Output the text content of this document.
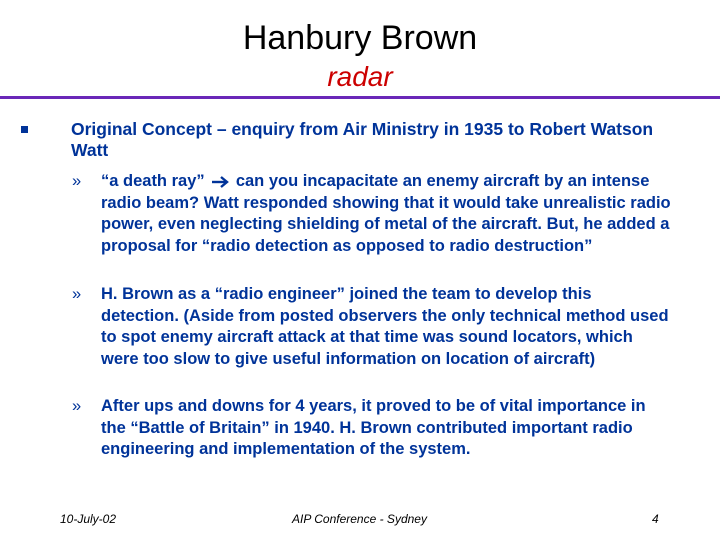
Hanbury Brown
radar
Original Concept – enquiry from Air Ministry in 1935 to Robert Watson Watt
»	“a death ray” can you incapacitate an enemy aircraft by an intense radio beam? Watt responded showing that it would take unrealistic radio power, even neglecting shielding of metal of the aircraft. But, he added a proposal for “radio detection as opposed to radio destruction”
»	H. Brown as a “radio engineer” joined the team to develop this detection. (Aside from posted observers the only technical method used to spot enemy aircraft attack at that time was sound locators, which were too slow to give useful information on location of aircraft)
»	After ups and downs for 4 years, it proved to be of vital importance in the “Battle of Britain” in 1940. H. Brown contributed important radio engineering and implementation of the system.
10-July-02	AIP Conference - Sydney	4
